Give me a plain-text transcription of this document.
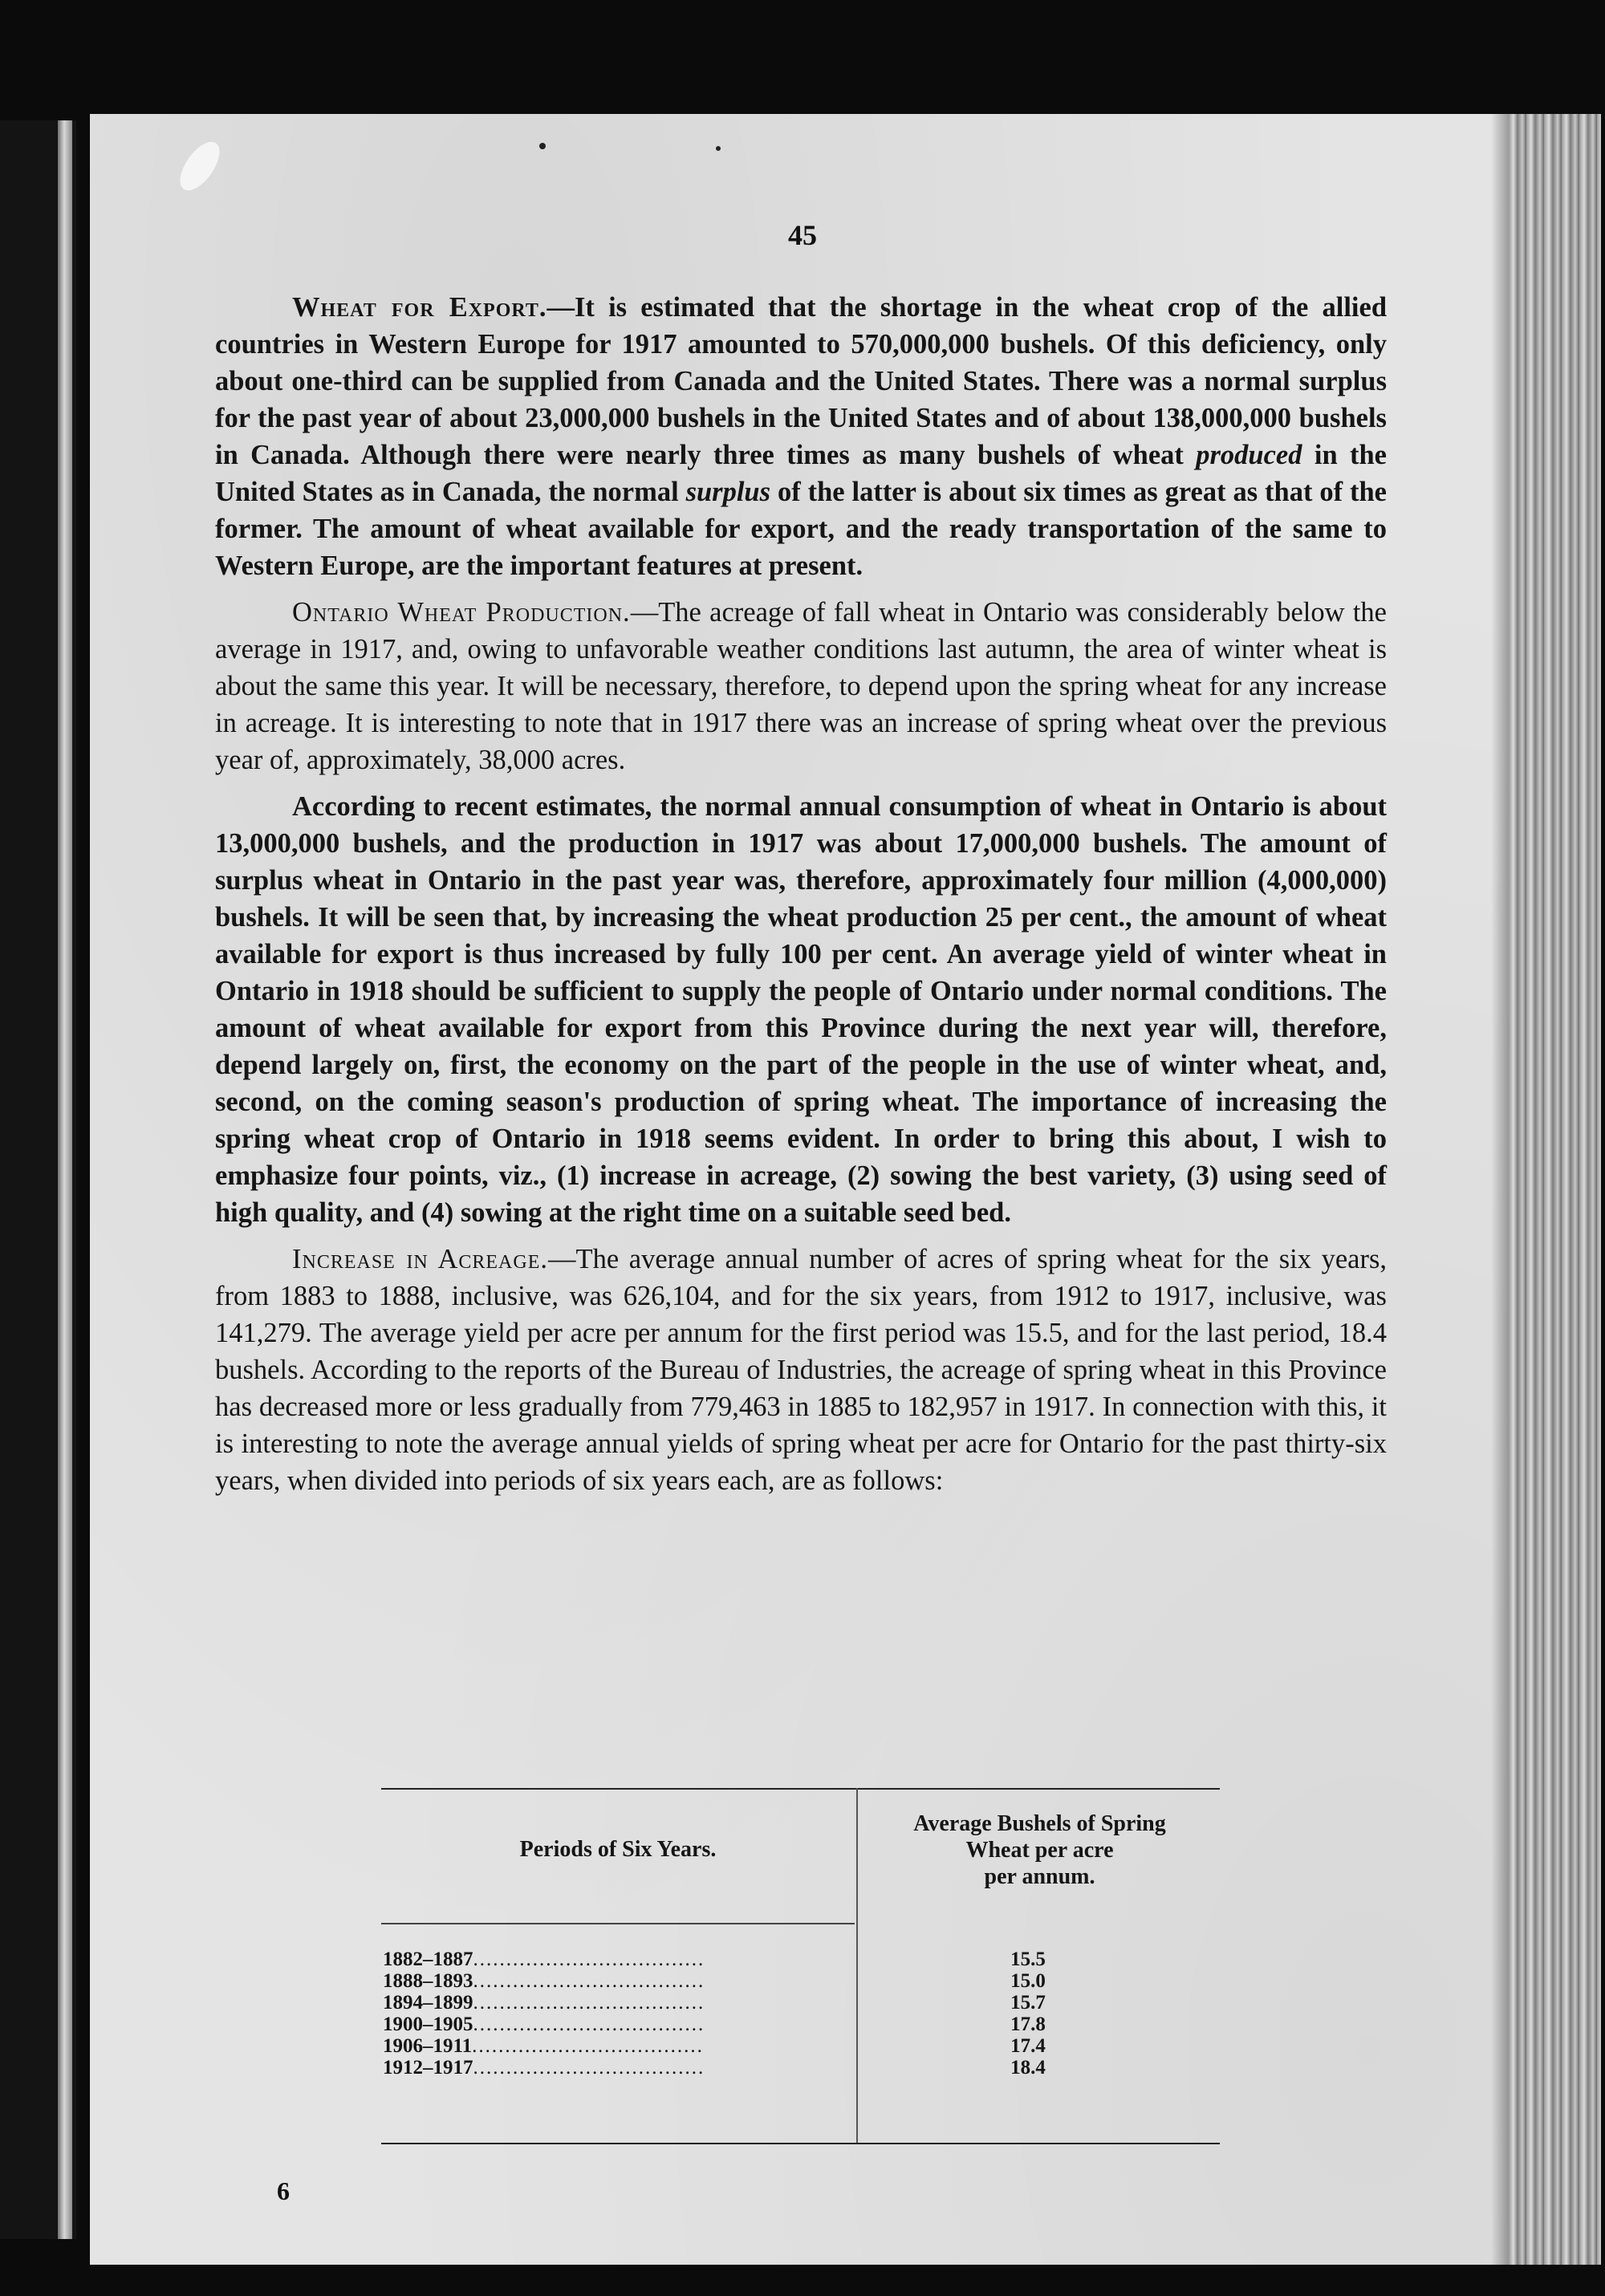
45

Wheat for Export.—It is estimated that the shortage in the wheat crop of the allied countries in Western Europe for 1917 amounted to 570,000,000 bushels. Of this deficiency, only about one-third can be supplied from Canada and the United States. There was a normal surplus for the past year of about 23,000,000 bushels in the United States and of about 138,000,000 bushels in Canada. Although there were nearly three times as many bushels of wheat produced in the United States as in Canada, the normal surplus of the latter is about six times as great as that of the former. The amount of wheat available for export, and the ready transportation of the same to Western Europe, are the important features at present.

Ontario Wheat Production.—The acreage of fall wheat in Ontario was considerably below the average in 1917, and, owing to unfavorable weather conditions last autumn, the area of winter wheat is about the same this year. It will be necessary, therefore, to depend upon the spring wheat for any increase in acreage. It is interesting to note that in 1917 there was an increase of spring wheat over the previous year of, approximately, 38,000 acres.

According to recent estimates, the normal annual consumption of wheat in Ontario is about 13,000,000 bushels, and the production in 1917 was about 17,000,000 bushels. The amount of surplus wheat in Ontario in the past year was, therefore, approximately four million (4,000,000) bushels. It will be seen that, by increasing the wheat production 25 per cent., the amount of wheat available for export is thus increased by fully 100 per cent. An average yield of winter wheat in Ontario in 1918 should be sufficient to supply the people of Ontario under normal conditions. The amount of wheat available for export from this Province during the next year will, therefore, depend largely on, first, the economy on the part of the people in the use of winter wheat, and, second, on the coming season's production of spring wheat. The importance of increasing the spring wheat crop of Ontario in 1918 seems evident. In order to bring this about, I wish to emphasize four points, viz., (1) increase in acreage, (2) sowing the best variety, (3) using seed of high quality, and (4) sowing at the right time on a suitable seed bed.

Increase in Acreage.—The average annual number of acres of spring wheat for the six years, from 1883 to 1888, inclusive, was 626,104, and for the six years, from 1912 to 1917, inclusive, was 141,279. The average yield per acre per annum for the first period was 15.5, and for the last period, 18.4 bushels. According to the reports of the Bureau of Industries, the acreage of spring wheat in this Province has decreased more or less gradually from 779,463 in 1885 to 182,957 in 1917. In connection with this, it is interesting to note the average annual yields of spring wheat per acre for Ontario for the past thirty-six years, when divided into periods of six years each, are as follows:

Periods of Six Years.
Average Bushels of Spring
Wheat per acre
per annum.
1882–1887...................................	15.5
1888–1893...................................	15.0
1894–1899...................................	15.7
1900–1905...................................	17.8
1906–1911...................................	17.4
1912–1917...................................	18.4
6
